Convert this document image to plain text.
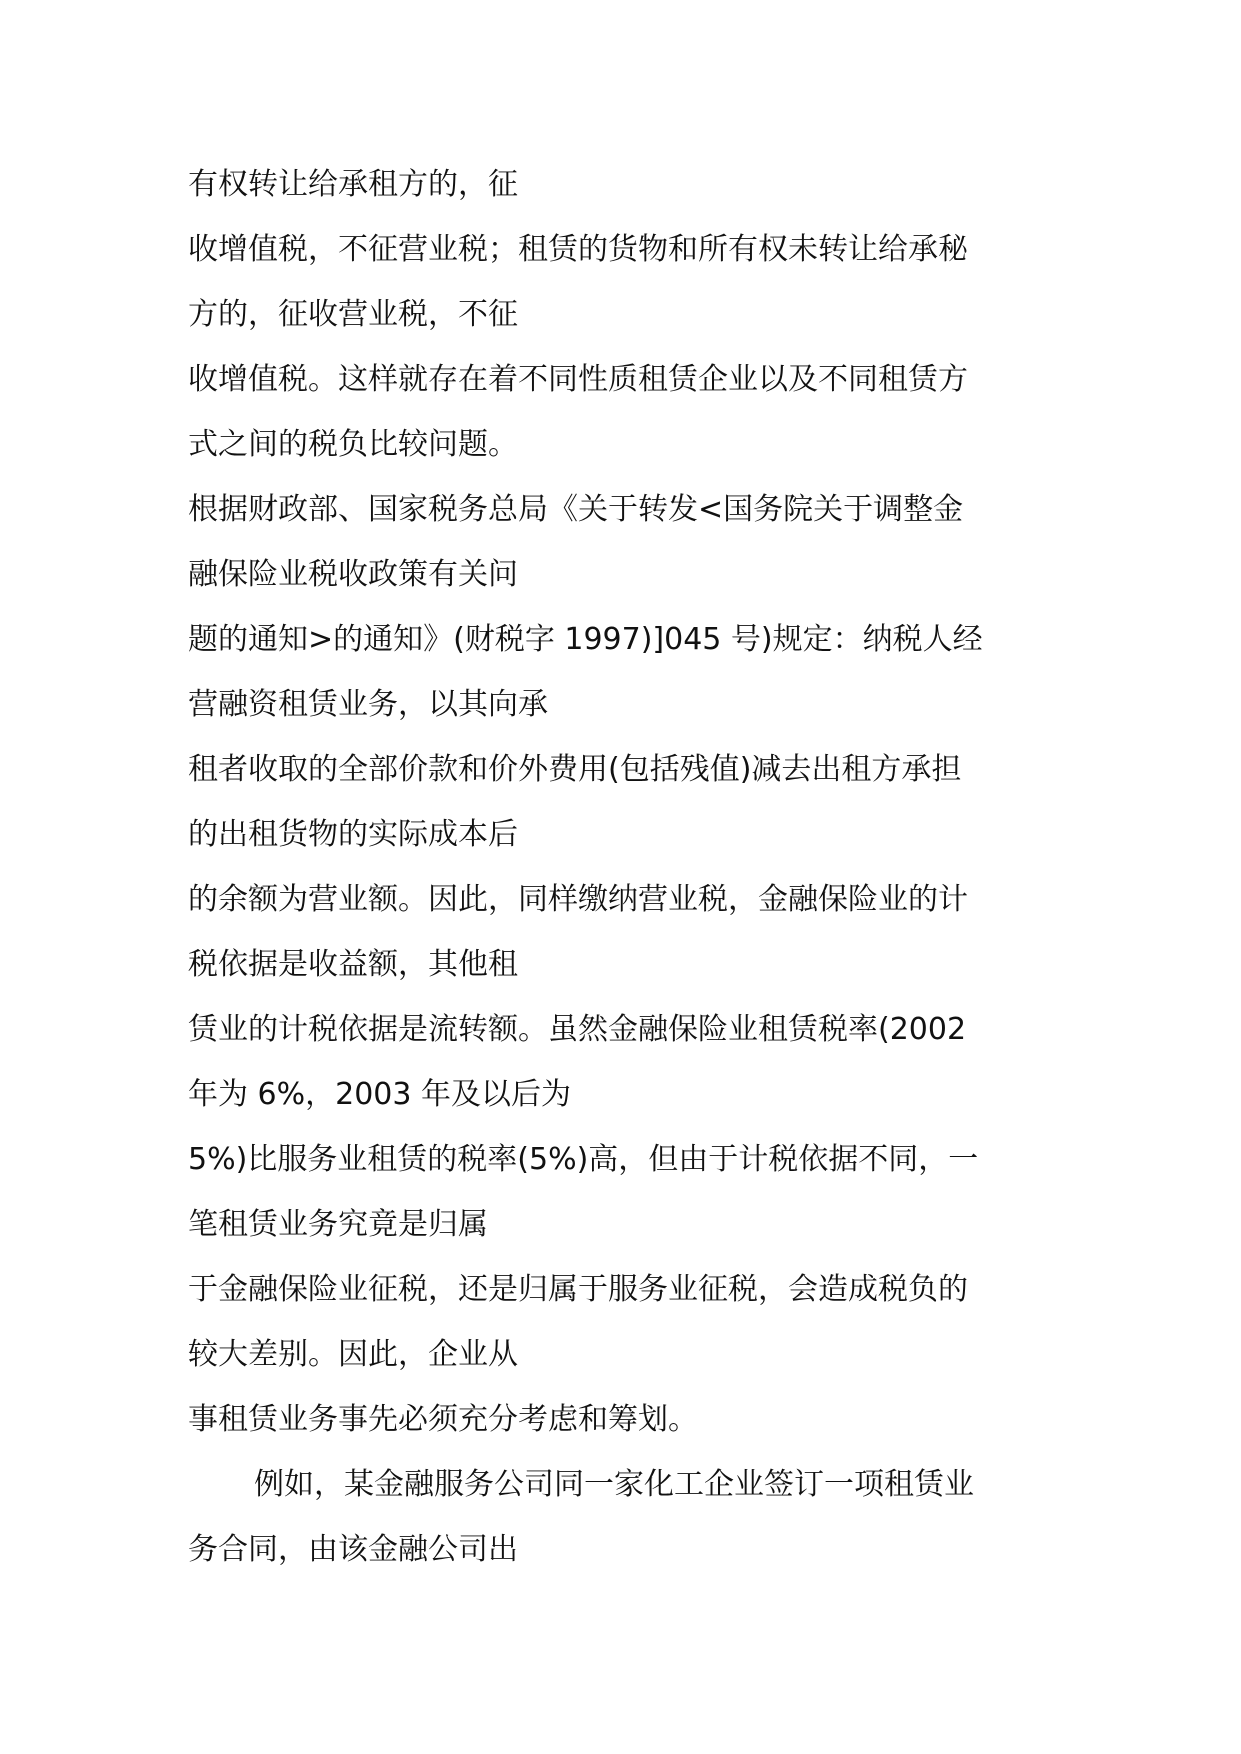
有权转让给承租方的，征
收增值税，不征营业税；租赁的货物和所有权未转让给承秘
方的，征收营业税，不征
收增值税。这样就存在着不同性质租赁企业以及不同租赁方
式之间的税负比较问题。
根据财政部、国家税务总局《关于转发<国务院关于调整金
融保险业税收政策有关问
题的通知>的通知》(财税字 1997)]045 号)规定：纳税人经
营融资租赁业务，以其向承
租者收取的全部价款和价外费用(包括残值)减去出租方承担
的出租货物的实际成本后
的余额为营业额。因此，同样缴纳营业税，金融保险业的计
税依据是收益额，其他租
赁业的计税依据是流转额。虽然金融保险业租赁税率(2002
年为 6%，2003 年及以后为
5%)比服务业租赁的税率(5%)高，但由于计税依据不同，一
笔租赁业务究竟是归属
于金融保险业征税，还是归属于服务业征税，会造成税负的
较大差别。因此，企业从
事租赁业务事先必须充分考虑和筹划。
例如，某金融服务公司同一家化工企业签订一项租赁业
务合同，由该金融公司出
